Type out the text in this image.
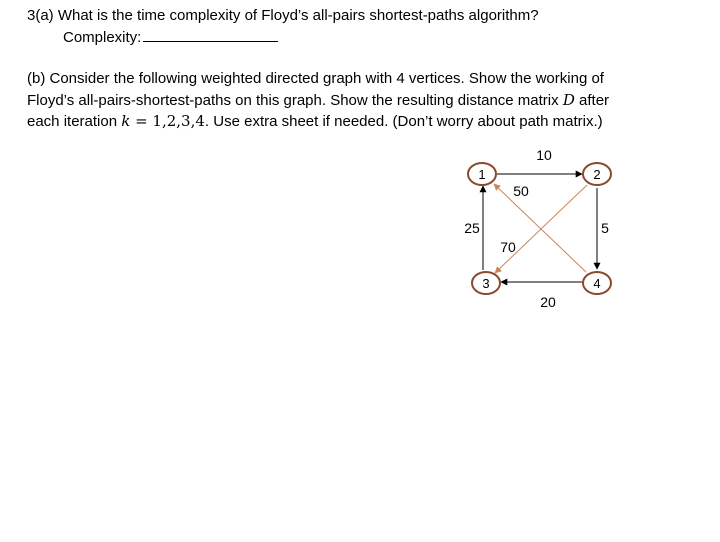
3(a) What is the time complexity of Floyd’s all-pairs shortest-paths algorithm?
Complexity:
(b) Consider the following weighted directed graph with 4 vertices. Show the working of
Floyd’s all-pairs-shortest-paths on this graph. Show the resulting distance matrix D after
each iteration k = 1,2,3,4. Use extra sheet if needed. (Don’t worry about path matrix.)
1	2
3	4
10
50
25	5
70
20
